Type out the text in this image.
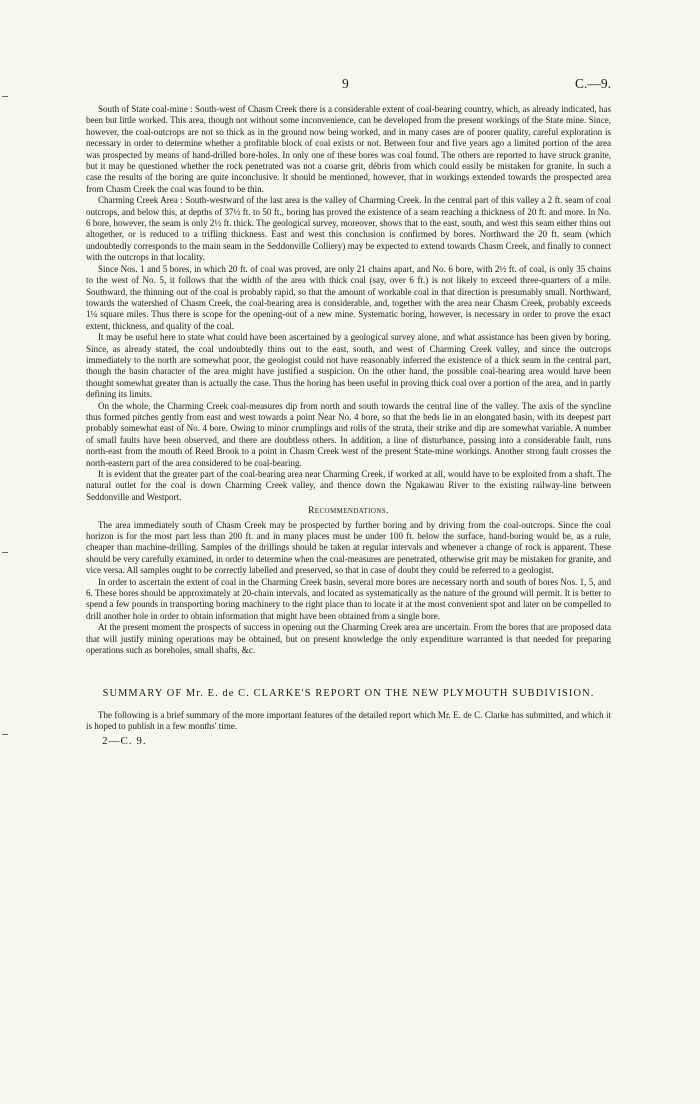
9	C.—9.

South of State coal-mine : South-west of Chasm Creek there is a considerable extent of coal-bearing country, which, as already indicated, has been but little worked. This area, though not without some inconvenience, can be developed from the present workings of the State mine. Since, however, the coal-outcrops are not so thick as in the ground now being worked, and in many cases are of poorer quality, careful exploration is necessary in order to determine whether a profitable block of coal exists or not. Between four and five years ago a limited portion of the area was prospected by means of hand-drilled bore-holes. In only one of these bores was coal found. The others are reported to have struck granite, but it may be questioned whether the rock penetrated was not a coarse grit, débris from which could easily be mistaken for granite. In such a case the results of the boring are quite inconclusive. It should be mentioned, however, that in workings extended towards the prospected area from Chasm Creek the coal was found to be thin.

Charming Creek Area : South-westward of the last area is the valley of Charming Creek. In the central part of this valley a 2 ft. seam of coal outcrops, and below this, at depths of 37½ ft. to 50 ft., boring has proved the existence of a seam reaching a thickness of 20 ft. and more. In No. 6 bore, however, the seam is only 2½ ft. thick. The geological survey, moreover, shows that to the east, south, and west this seam either thins out altogether, or is reduced to a trifling thickness. East and west this conclusion is confirmed by bores. Northward the 20 ft. seam (which undoubtedly corresponds to the main seam in the Seddonville Colliery) may be expected to extend towards Chasm Creek, and finally to connect with the outcrops in that locality.

Since Nos. 1 and 5 bores, in which 20 ft. of coal was proved, are only 21 chains apart, and No. 6 bore, with 2½ ft. of coal, is only 35 chains to the west of No. 5, it follows that the width of the area with thick coal (say, over 6 ft.) is not likely to exceed three-quarters of a mile. Southward, the thinning out of the coal is probably rapid, so that the amount of workable coal in that direction is presumably small. Northward, towards the watershed of Chasm Creek, the coal-bearing area is considerable, and, together with the area near Chasm Creek, probably exceeds 1¼ square miles. Thus there is scope for the opening-out of a new mine. Systematic boring, however, is necessary in order to prove the exact extent, thickness, and quality of the coal.

It may be useful here to state what could have been ascertained by a geological survey alone, and what assistance has been given by boring. Since, as already stated, the coal undoubtedly thins out to the east, south, and west of Charming Creek valley, and since the outcrops immediately to the north are somewhat poor, the geologist could not have reasonably inferred the existence of a thick seam in the central part, though the basin character of the area might have justified a suspicion. On the other hand, the possible coal-bearing area would have been thought somewhat greater than is actually the case. Thus the boring has been useful in proving thick coal over a portion of the area, and in partly defining its limits.

On the whole, the Charming Creek coal-measures dip from north and south towards the central line of the valley. The axis of the syncline thus formed pitches gently from east and west towards a point Near No. 4 bore, so that the beds lie in an elongated basin, with its deepest part probably somewhat east of No. 4 bore. Owing to minor crumplings and rolls of the strata, their strike and dip are somewhat variable. A number of small faults have been observed, and there are doubtless others. In addition, a line of disturbance, passing into a considerable fault, runs north-east from the mouth of Reed Brook to a point in Chasm Creek west of the present State-mine workings. Another strong fault crosses the north-eastern part of the area considered to be coal-bearing.

It is evident that the greater part of the coal-bearing area near Charming Creek, if worked at all, would have to be exploited from a shaft. The natural outlet for the coal is down Charming Creek valley, and thence down the Ngakawau River to the existing railway-line between Seddonville and Westport.

Recommendations.

The area immediately south of Chasm Creek may be prospected by further boring and by driving from the coal-outcrops. Since the coal horizon is for the most part less than 200 ft. and in many places must be under 100 ft. below the surface, hand-boring would be, as a rule, cheaper than machine-drilling. Samples of the drillings should be taken at regular intervals and whenever a change of rock is apparent. These should be very carefully examined, in order to determine when the coal-measures are penetrated, otherwise grit may be mistaken for granite, and vice versa. All samples ought to be correctly labelled and preserved, so that in case of doubt they could be referred to a geologist.

In order to ascertain the extent of coal in the Charming Creek basin, several more bores are necessary north and south of bores Nos. 1, 5, and 6. These bores should be approximately at 20-chain intervals, and located as systematically as the nature of the ground will permit. It is better to spend a few pounds in transporting boring machinery to the right place than to locate it at the most convenient spot and later on be compelled to drill another hole in order to obtain information that might have been obtained from a single bore.

At the present moment the prospects of success in opening out the Charming Creek area are uncertain. From the bores that are proposed data that will justify mining operations may be obtained, but on present knowledge the only expenditure warranted is that needed for preparing operations such as boreholes, small shafts, &c.

SUMMARY OF Mr. E. de C. CLARKE'S REPORT ON THE NEW PLYMOUTH SUBDIVISION.

The following is a brief summary of the more important features of the detailed report which Mr. E. de C. Clarke has submitted, and which it is hoped to publish in a few months' time.

2—C. 9.
